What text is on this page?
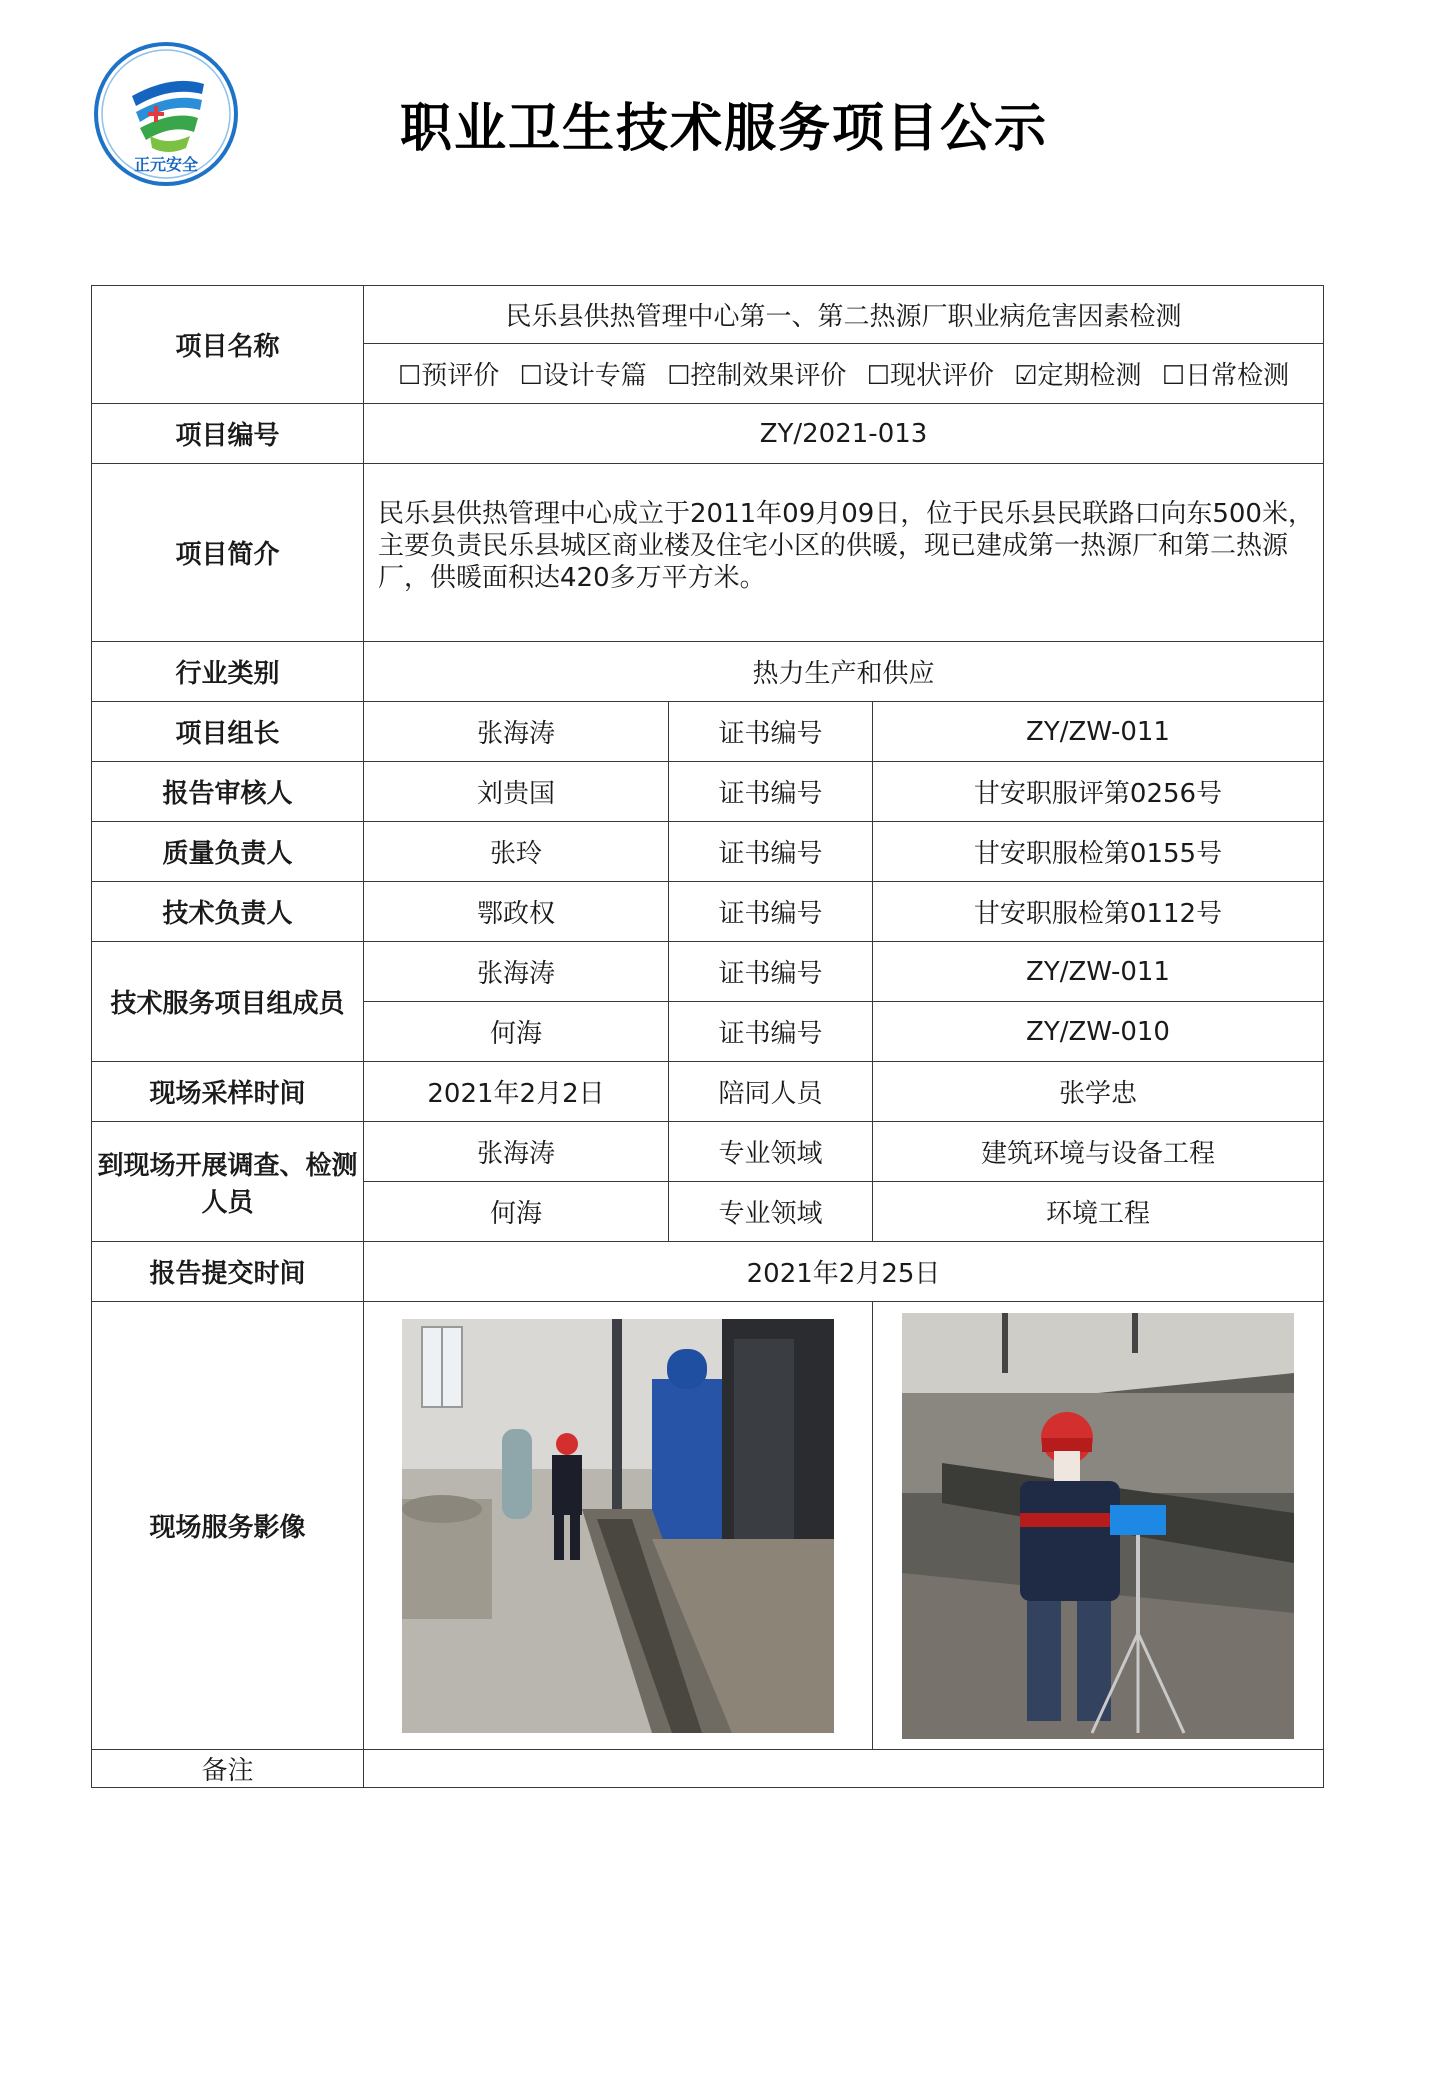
正元安全
职业卫生技术服务项目公示
项目名称	民乐县供热管理中心第一、第二热源厂职业病危害因素检测		
	☐预评价 ☐设计专篇 ☐控制效果评价 ☐现状评价 ☑定期检测 ☐日常检测		
项目编号	ZY/2021-013		
项目简介	民乐县供热管理中心成立于2011年09月09日，位于民乐县民联路口向东500米，主要负责民乐县城区商业楼及住宅小区的供暖，现已建成第一热源厂和第二热源厂，供暖面积达420多万平方米。		

行业类别	热力生产和供应		
项目组长	张海涛	证书编号	ZY/ZW-011
报告审核人	刘贵国	证书编号	甘安职服评第0256号
质量负责人	张玲	证书编号	甘安职服检第0155号
技术负责人	鄂政权	证书编号	甘安职服检第0112号
技术服务项目组成员	张海涛	证书编号	ZY/ZW-011
	何海	证书编号	ZY/ZW-010
现场采样时间	2021年2月2日	陪同人员	张学忠
到现场开展调查、检测人员	张海涛	专业领域	建筑环境与设备工程
	何海	专业领域	环境工程
报告提交时间	2021年2月25日		
现场服务影像	

备注			
